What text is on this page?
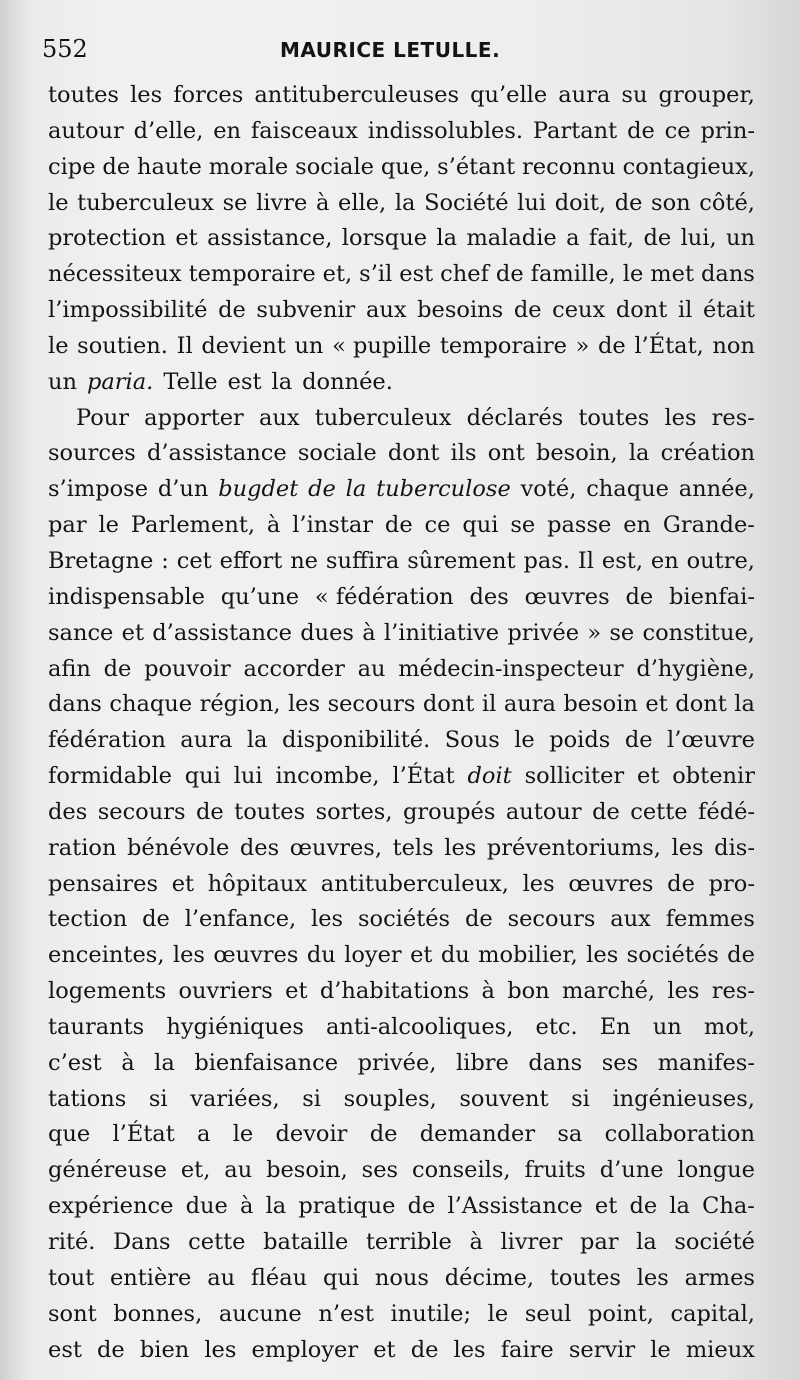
552	MAURICE LETULLE.
toutes les forces antituberculeuses qu’elle aura su grouper,
autour d’elle, en faisceaux indissolubles. Partant de ce prin-
cipe de haute morale sociale que, s’étant reconnu contagieux,
le tuberculeux se livre à elle, la Société lui doit, de son côté,
protection et assistance, lorsque la maladie a fait, de lui, un
nécessiteux temporaire et, s’il est chef de famille, le met dans
l’impossibilité de subvenir aux besoins de ceux dont il était
le soutien. Il devient un « pupille temporaire » de l’État, non
un paria. Telle est la donnée.
Pour apporter aux tuberculeux déclarés toutes les res-
sources d’assistance sociale dont ils ont besoin, la création
s’impose d’un bugdet de la tuberculose voté, chaque année,
par le Parlement, à l’instar de ce qui se passe en Grande-
Bretagne : cet effort ne suffira sûrement pas. Il est, en outre,
indispensable qu’une « fédération des œuvres de bienfai-
sance et d’assistance dues à l’initiative privée » se constitue,
afin de pouvoir accorder au médecin-inspecteur d’hygiène,
dans chaque région, les secours dont il aura besoin et dont la
fédération aura la disponibilité. Sous le poids de l’œuvre
formidable qui lui incombe, l’État doit solliciter et obtenir
des secours de toutes sortes, groupés autour de cette fédé-
ration bénévole des œuvres, tels les préventoriums, les dis-
pensaires et hôpitaux antituberculeux, les œuvres de pro-
tection de l’enfance, les sociétés de secours aux femmes
enceintes, les œuvres du loyer et du mobilier, les sociétés de
logements ouvriers et d’habitations à bon marché, les res-
taurants hygiéniques anti-alcooliques, etc. En un mot,
c’est à la bienfaisance privée, libre dans ses manifes-
tations si variées, si souples, souvent si ingénieuses,
que l’État a le devoir de demander sa collaboration
généreuse et, au besoin, ses conseils, fruits d’une longue
expérience due à la pratique de l’Assistance et de la Cha-
rité. Dans cette bataille terrible à livrer par la société
tout entière au fléau qui nous décime, toutes les armes
sont bonnes, aucune n’est inutile; le seul point, capital,
est de bien les employer et de les faire servir le mieux
